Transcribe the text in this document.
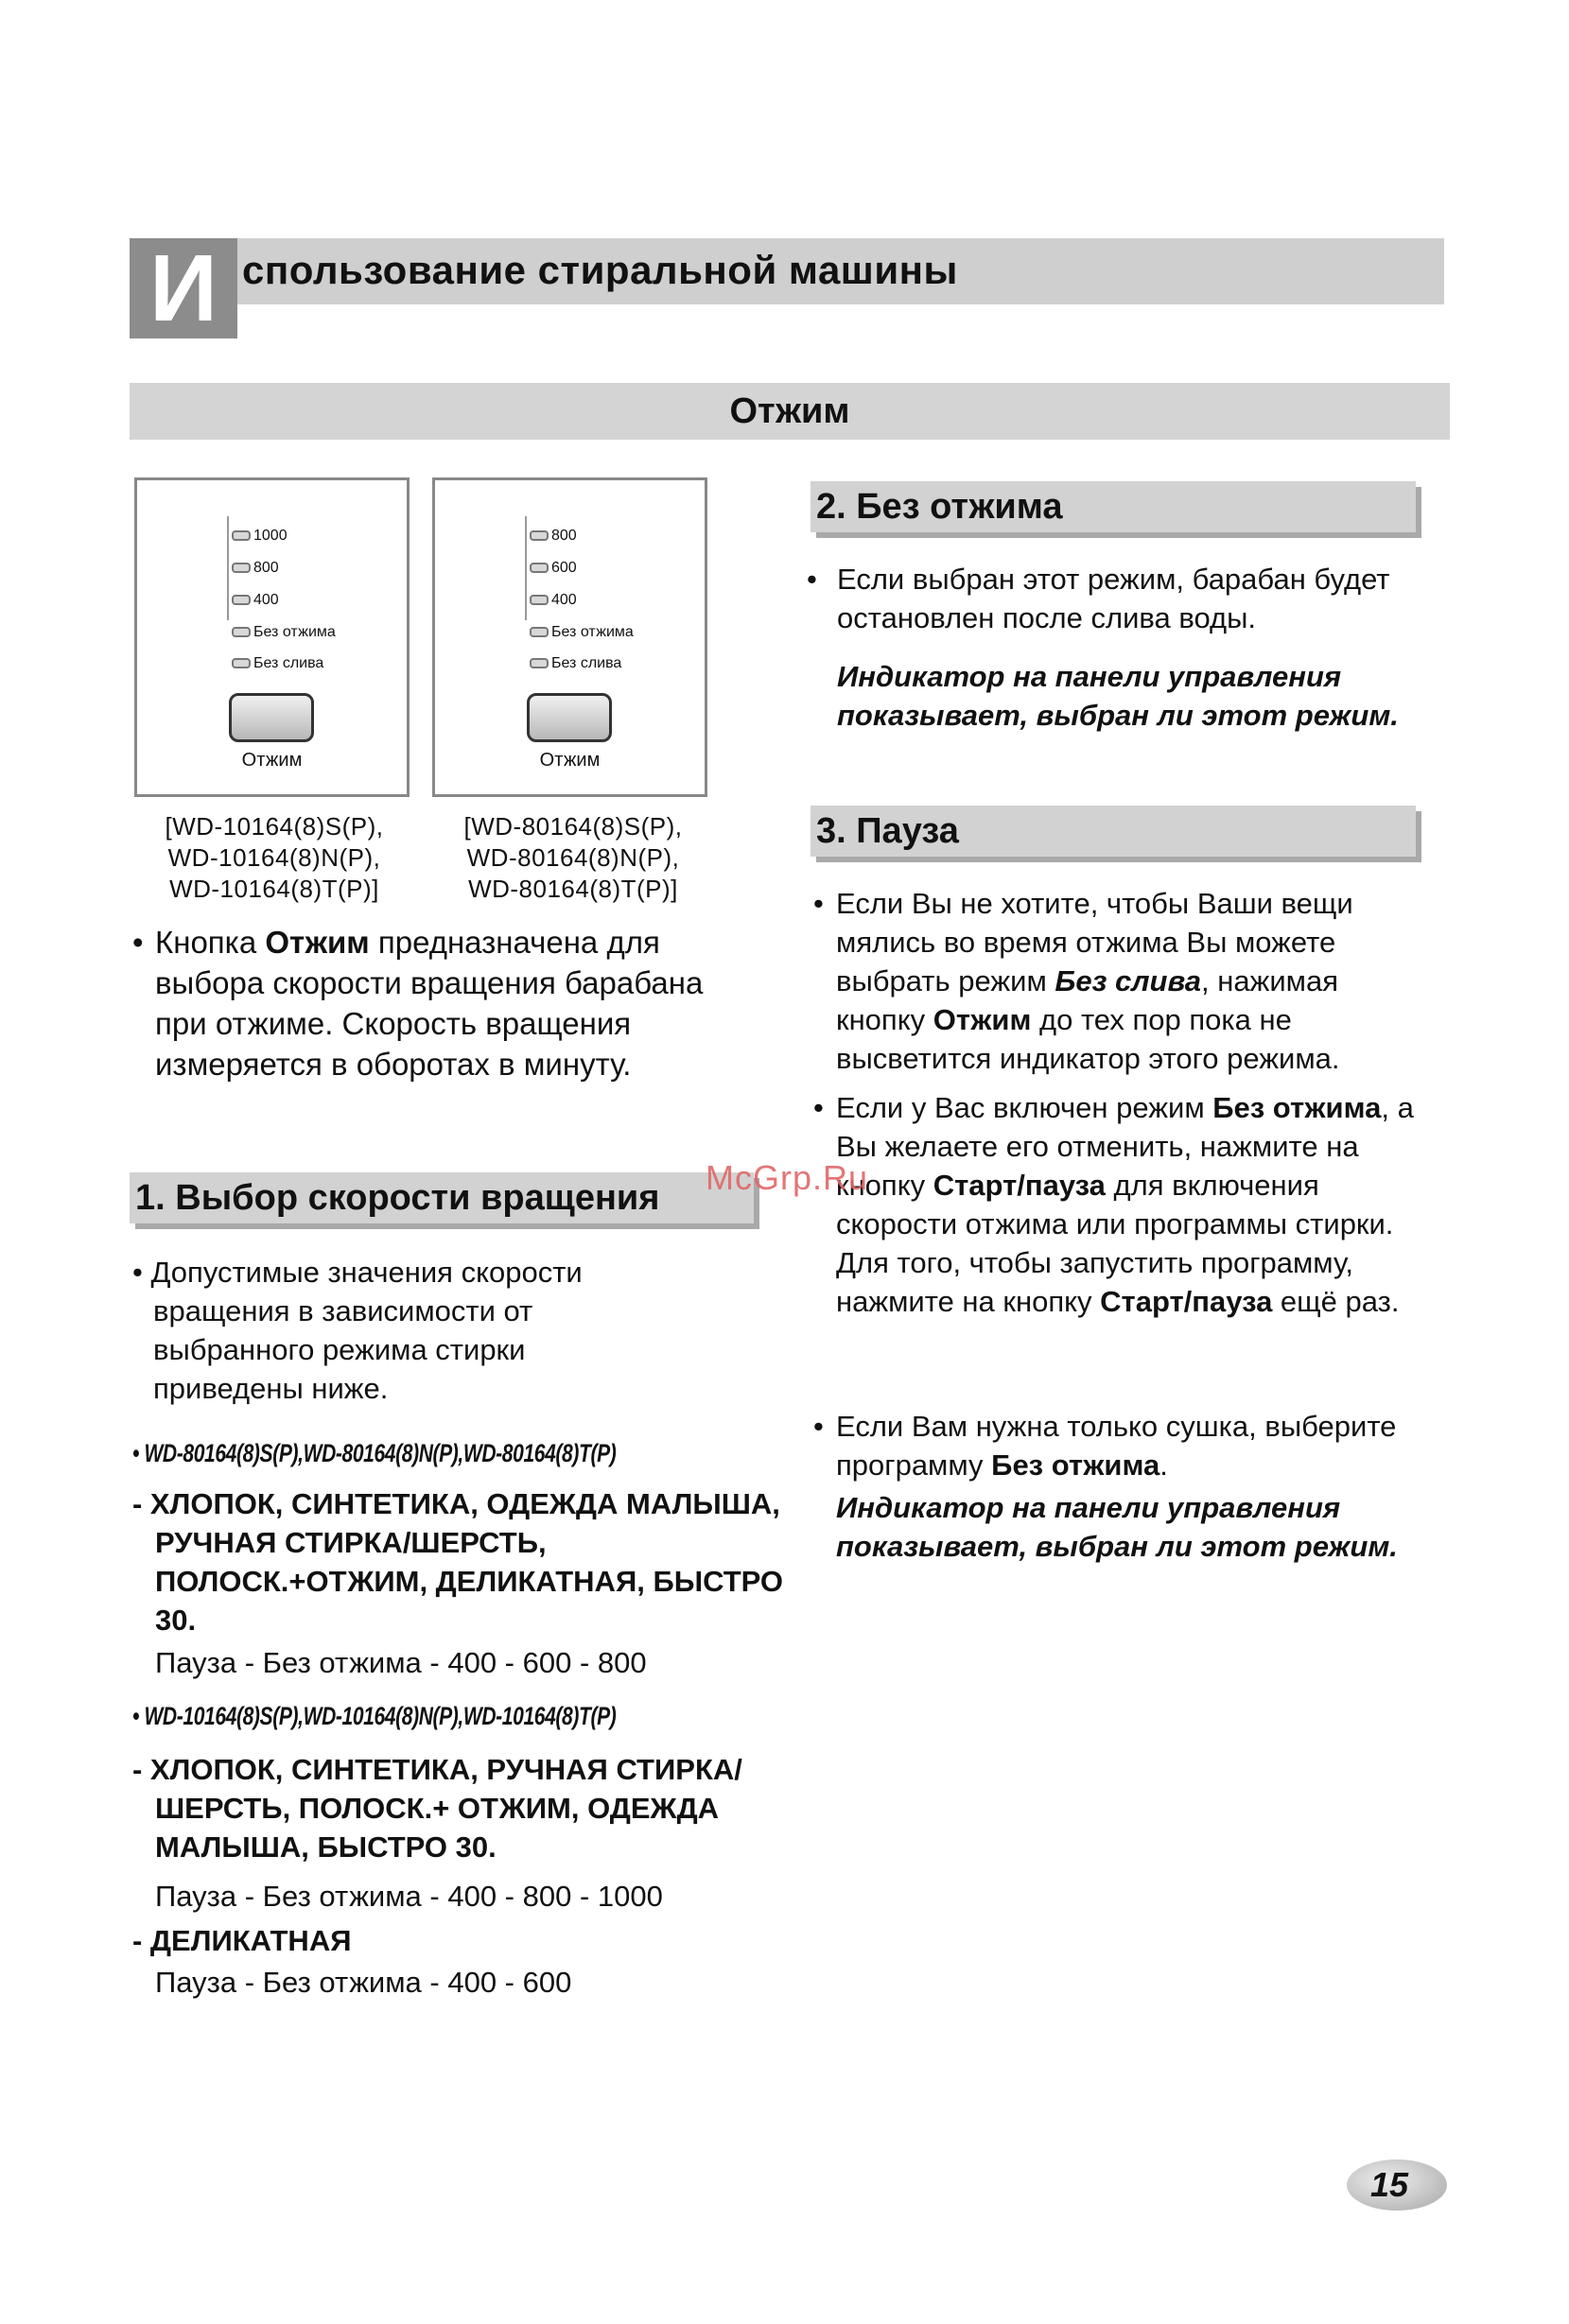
И спользование стиральной машины
Отжим
1000
800
400
Без отжима
Без слива
Отжим
800
600
400
Без отжима
Без слива
Отжим
[WD-10164(8)S(P),
WD-10164(8)N(P),
WD-10164(8)T(P)]
[WD-80164(8)S(P),
WD-80164(8)N(P),
WD-80164(8)T(P)]
• Кнопка Отжим предназначена для выбора скорости вращения барабана при отжиме. Скорость вращения измеряется в оборотах в минуту.
1. Выбор скорости вращения
• Допустимые значения скорости вращения в зависимости от выбранного режима стирки приведены ниже.
• WD-80164(8)S(P),WD-80164(8)N(P),WD-80164(8)T(P)
- ХЛОПОК, СИНТЕТИКА, ОДЕЖДА МАЛЫША, РУЧНАЯ СТИРКА/ШЕРСТЬ, ПОЛОСК.+ОТЖИМ, ДЕЛИКАТНАЯ, БЫСТРО 30.
Пауза - Без отжима - 400 - 600 - 800
• WD-10164(8)S(P),WD-10164(8)N(P),WD-10164(8)T(P)
- ХЛОПОК, СИНТЕТИКА, РУЧНАЯ СТИРКА/ШЕРСТЬ, ПОЛОСК.+ ОТЖИМ, ОДЕЖДА МАЛЫША, БЫСТРО 30.
Пауза - Без отжима - 400 - 800 - 1000
- ДЕЛИКАТНАЯ
Пауза - Без отжима - 400 - 600
2. Без отжима
• Если выбран этот режим, барабан будет остановлен после слива воды.
Индикатор на панели управления показывает, выбран ли этот режим.
3. Пауза
• Если Вы не хотите, чтобы Ваши вещи мялись во время отжима Вы можете выбрать режим Без слива, нажимая кнопку Отжим до тех пор пока не высветится индикатор этого режима.
• Если у Вас включен режим Без отжима, а Вы желаете его отменить, нажмите на кнопку Старт/пауза для включения скорости отжима или программы стирки.
Для того, чтобы запустить программу, нажмите на кнопку Старт/пауза ещё раз.
• Если Вам нужна только сушка, выберите программу Без отжима.
Индикатор на панели управления показывает, выбран ли этот режим.
McGrp.Ru
15
